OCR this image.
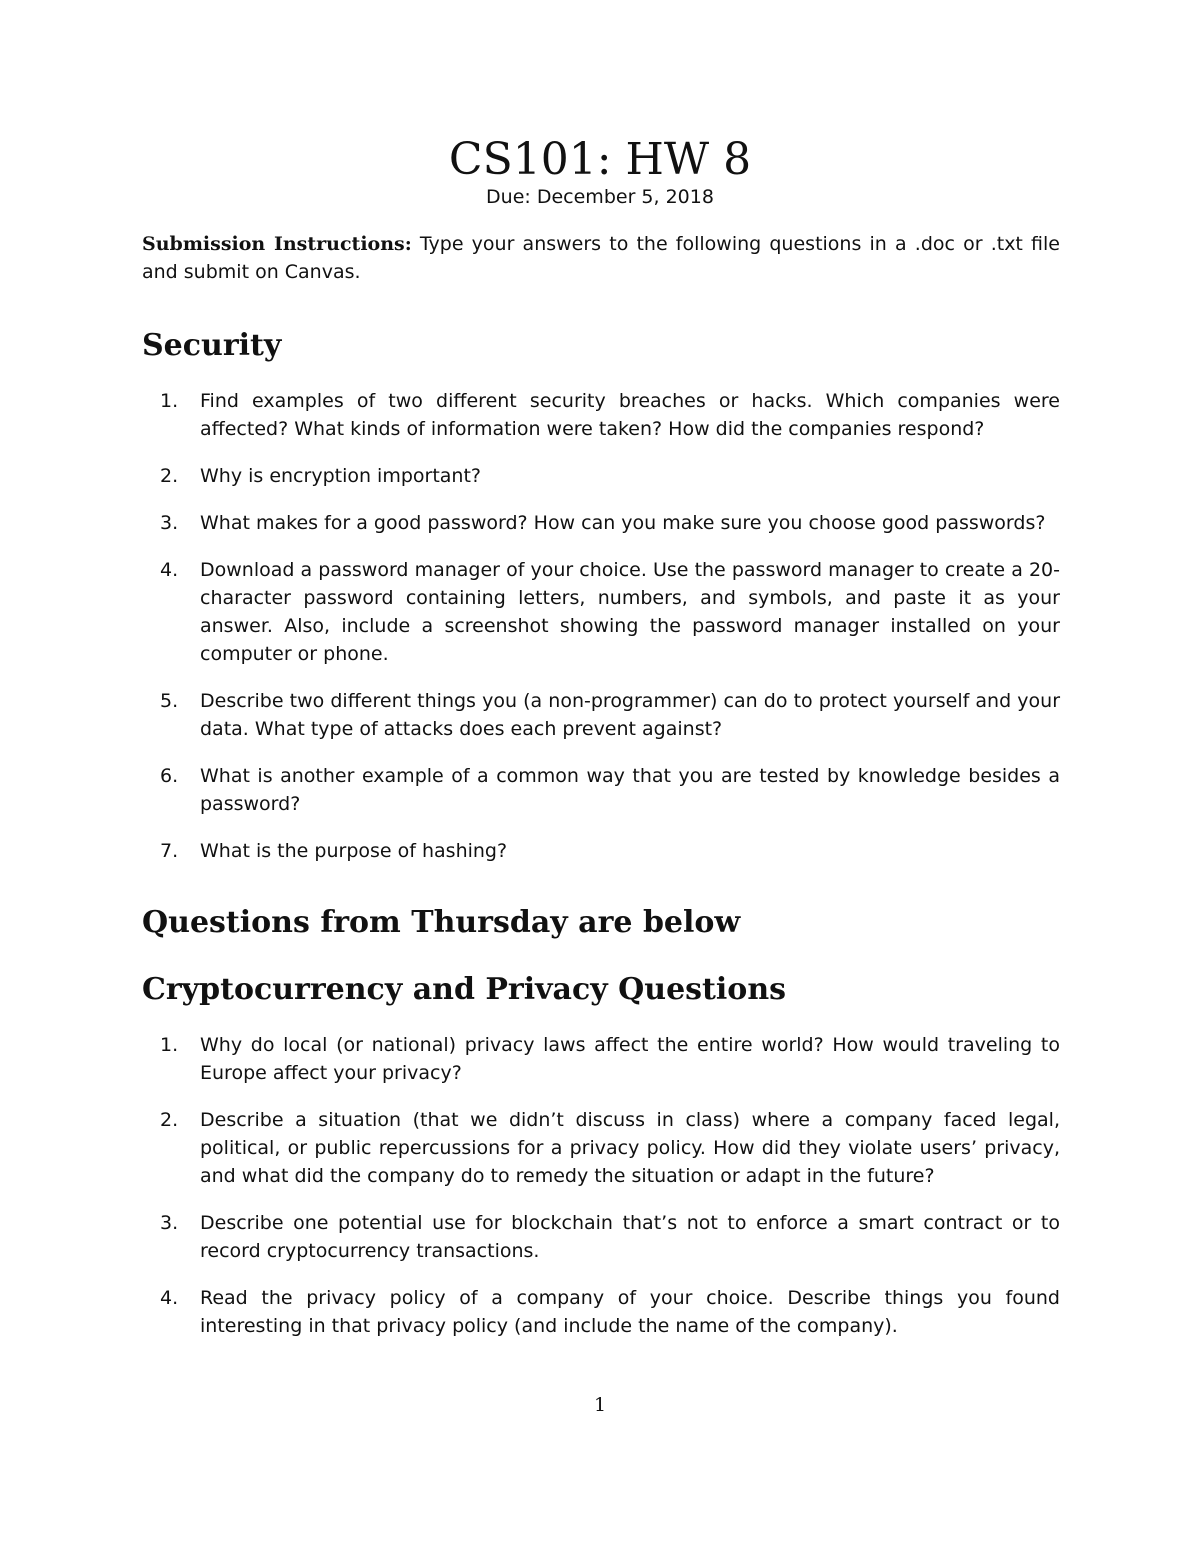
CS101: HW 8
Due: December 5, 2018

Submission Instructions: Type your answers to the following questions in a .doc or .txt file and submit on Canvas.

Security
1.	Find examples of two different security breaches or hacks. Which companies were affected? What kinds of information were taken? How did the companies respond?
2.	Why is encryption important?
3.	What makes for a good password? How can you make sure you choose good passwords?
4.	Download a password manager of your choice. Use the password manager to create a 20-character password containing letters, numbers, and symbols, and paste it as your answer. Also, include a screenshot showing the password manager installed on your computer or phone.
5.	Describe two different things you (a non-programmer) can do to protect yourself and your data. What type of attacks does each prevent against?
6.	What is another example of a common way that you are tested by knowledge besides a password?
7.	What is the purpose of hashing?
Questions from Thursday are below
Cryptocurrency and Privacy Questions
1.	Why do local (or national) privacy laws affect the entire world? How would traveling to Europe affect your privacy?
2.	Describe a situation (that we didn’t discuss in class) where a company faced legal, political, or public repercussions for a privacy policy. How did they violate users’ privacy, and what did the company do to remedy the situation or adapt in the future?
3.	Describe one potential use for blockchain that’s not to enforce a smart contract or to record cryptocurrency transactions.
4.	Read the privacy policy of a company of your choice. Describe things you found interesting in that privacy policy (and include the name of the company).
1
